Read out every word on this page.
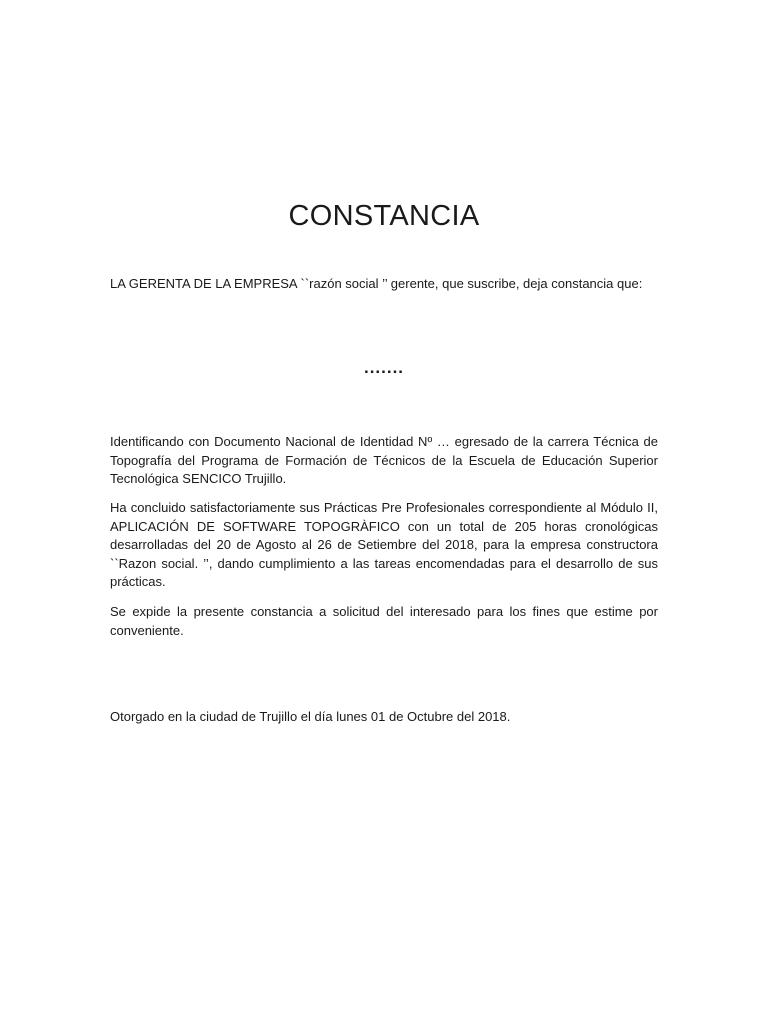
CONSTANCIA

LA GERENTA DE LA EMPRESA ``razón social ’’ gerente, que suscribe, deja constancia que:

.......

Identificando con Documento Nacional de Identidad Nº … egresado de la carrera Técnica de Topografía del Programa de Formación de Técnicos de la Escuela de Educación Superior Tecnológica SENCICO Trujillo.

Ha concluido satisfactoriamente sus Prácticas Pre Profesionales correspondiente al Módulo II, APLICACIÓN DE SOFTWARE TOPOGRÀFICO con un total de 205 horas cronológicas desarrolladas del 20 de Agosto al 26 de Setiembre del 2018, para la empresa constructora ``Razon social. ’’, dando cumplimiento a las tareas encomendadas para el desarrollo de sus prácticas.

Se expide la presente constancia a solicitud del interesado para los fines que estime por conveniente.

Otorgado en la ciudad de Trujillo el día lunes 01 de Octubre del 2018.
